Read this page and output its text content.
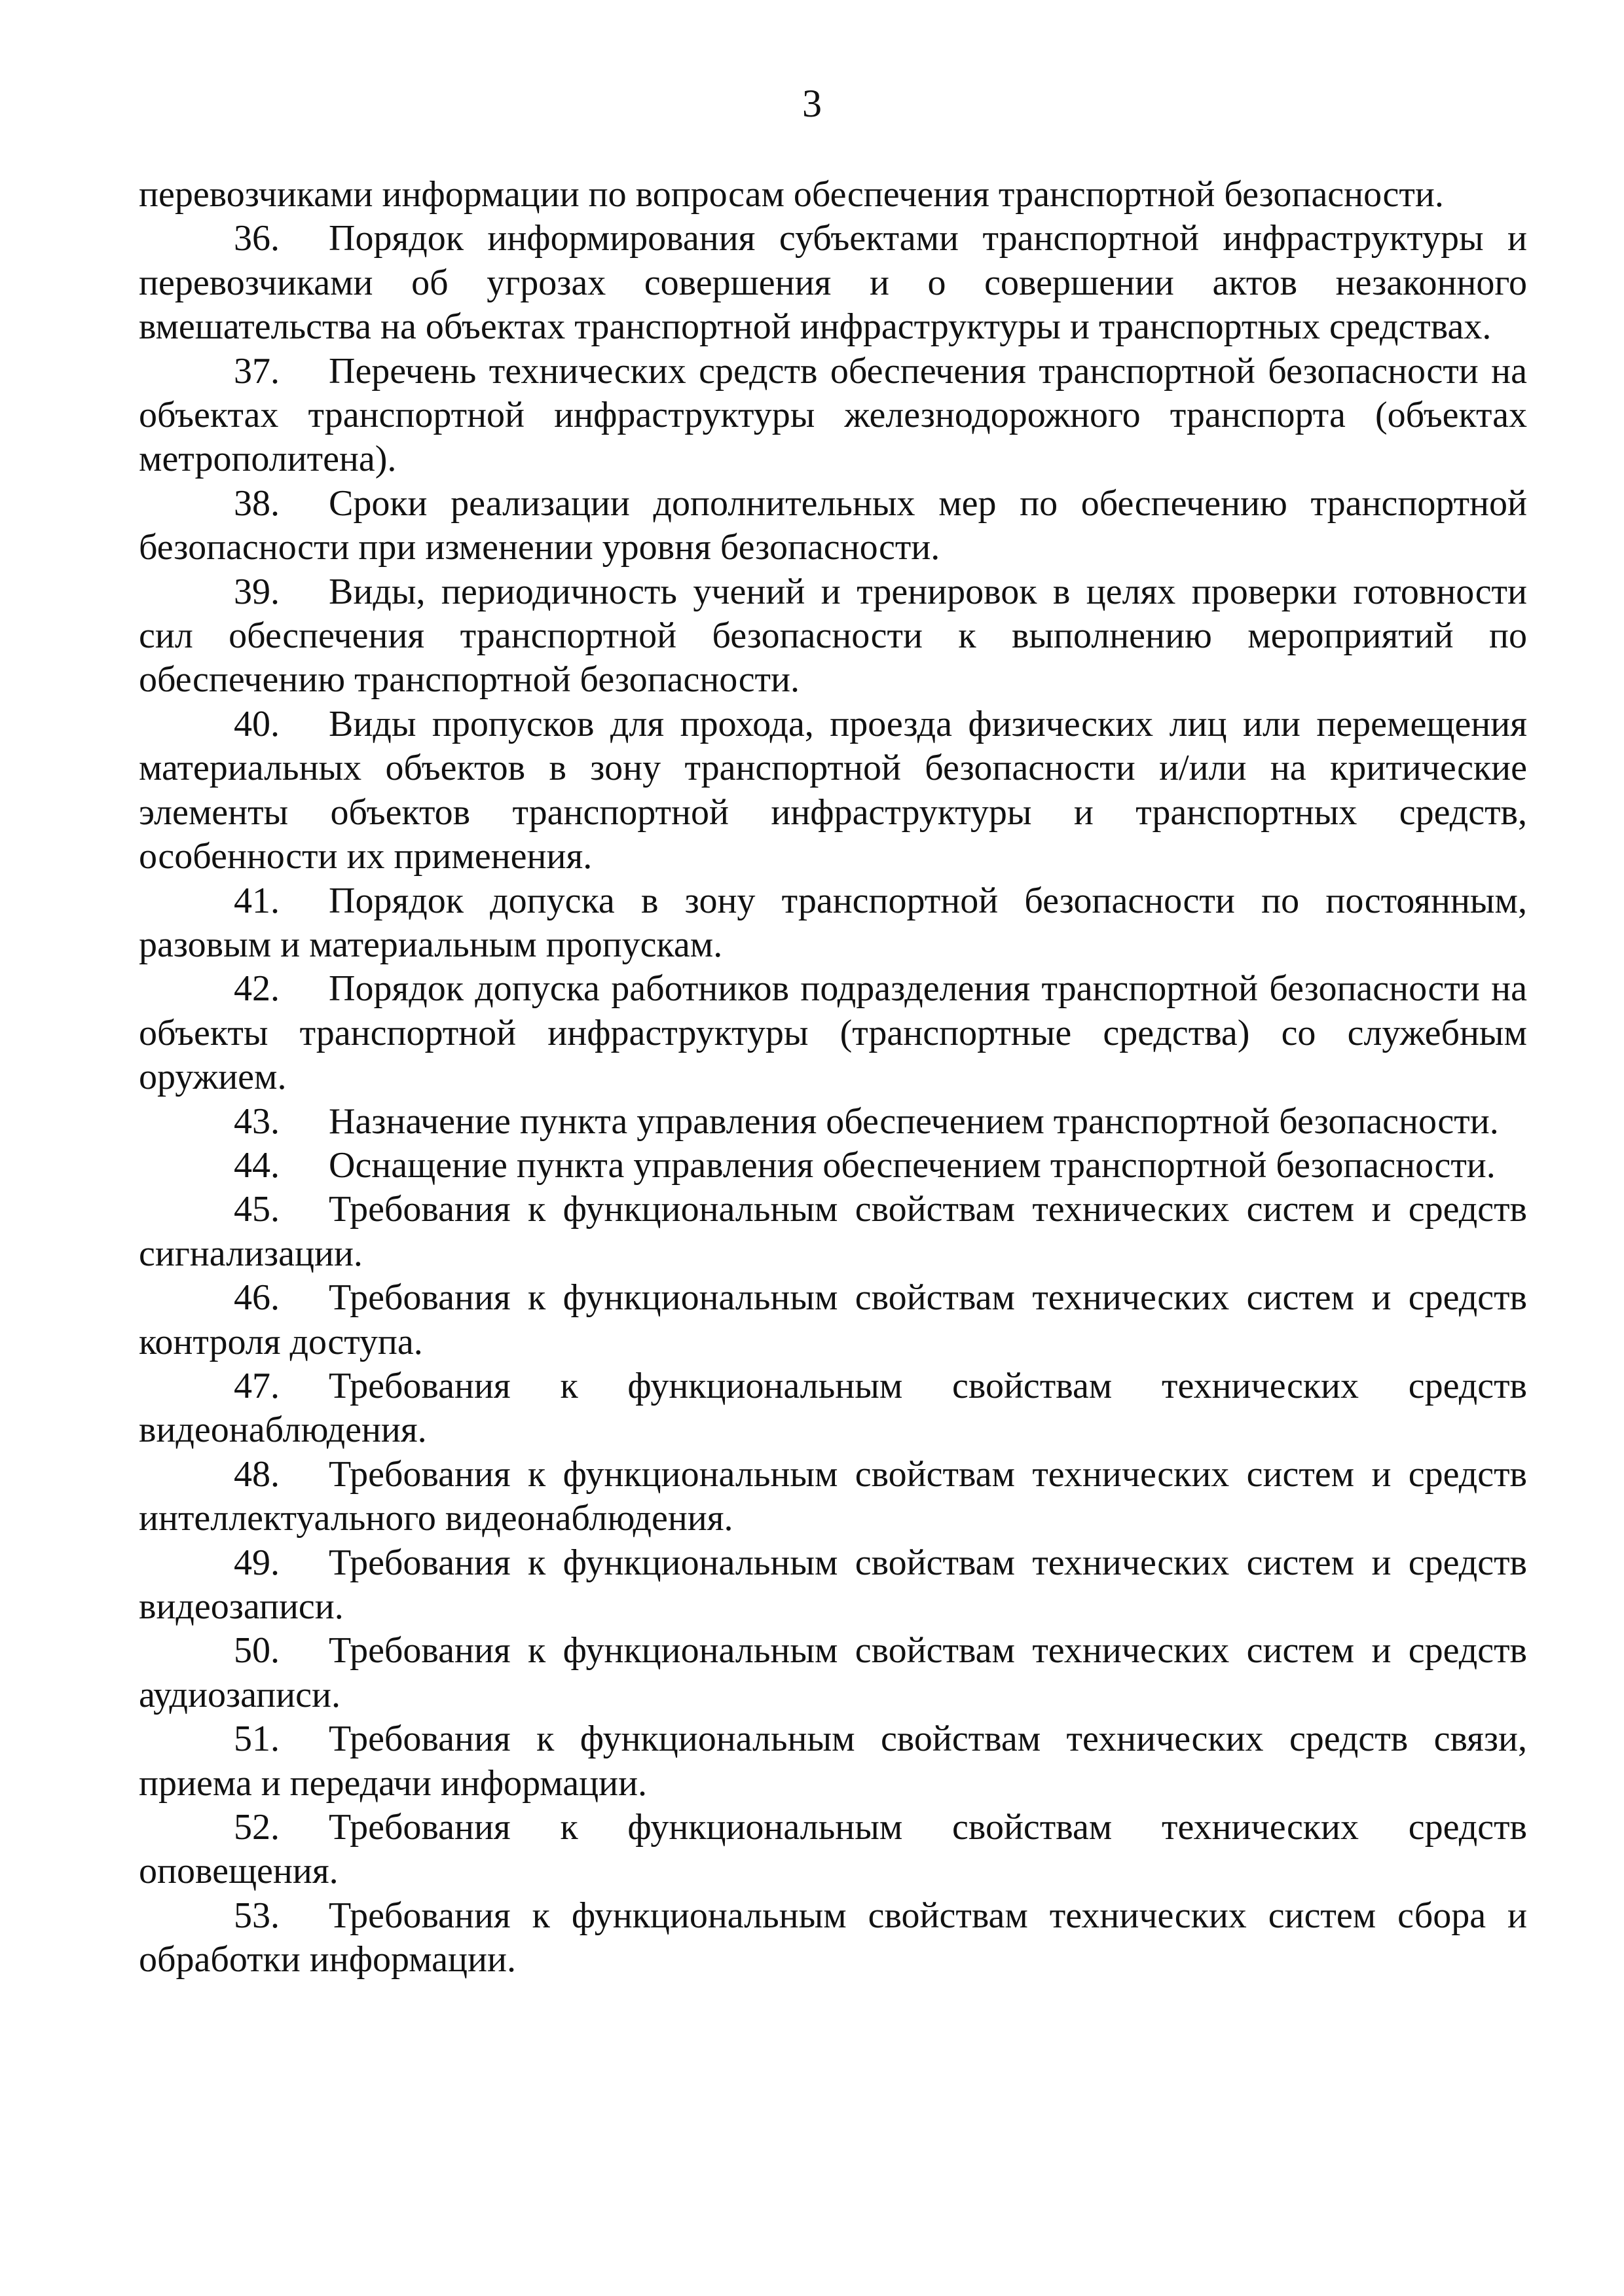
3

перевозчиками информации по вопросам обеспечения транспортной безопасности.

36. Порядок информирования субъектами транспортной инфраструктуры и перевозчиками об угрозах совершения и о совершении актов незаконного вмешательства на объектах транспортной инфраструктуры и транспортных средствах.

37. Перечень технических средств обеспечения транспортной безопасности на объектах транспортной инфраструктуры железнодорожного транспорта (объектах метрополитена).

38. Сроки реализации дополнительных мер по обеспечению транспортной безопасности при изменении уровня безопасности.

39. Виды, периодичность учений и тренировок в целях проверки готовности сил обеспечения транспортной безопасности к выполнению мероприятий по обеспечению транспортной безопасности.

40. Виды пропусков для прохода, проезда физических лиц или перемещения материальных объектов в зону транспортной безопасности и/или на критические элементы объектов транспортной инфраструктуры и транспортных средств, особенности их применения.

41. Порядок допуска в зону транспортной безопасности по постоянным, разовым и материальным пропускам.

42. Порядок допуска работников подразделения транспортной безопасности на объекты транспортной инфраструктуры (транспортные средства) со служебным оружием.

43. Назначение пункта управления обеспечением транспортной безопасности.

44. Оснащение пункта управления обеспечением транспортной безопасности.

45. Требования к функциональным свойствам технических систем и средств сигнализации.

46. Требования к функциональным свойствам технических систем и средств контроля доступа.

47. Требования к функциональным свойствам технических средств видеонаблюдения.

48. Требования к функциональным свойствам технических систем и средств интеллектуального видеонаблюдения.

49. Требования к функциональным свойствам технических систем и средств видеозаписи.

50. Требования к функциональным свойствам технических систем и средств аудиозаписи.

51. Требования к функциональным свойствам технических средств связи, приема и передачи информации.

52. Требования к функциональным свойствам технических средств оповещения.

53. Требования к функциональным свойствам технических систем сбора и обработки информации.
